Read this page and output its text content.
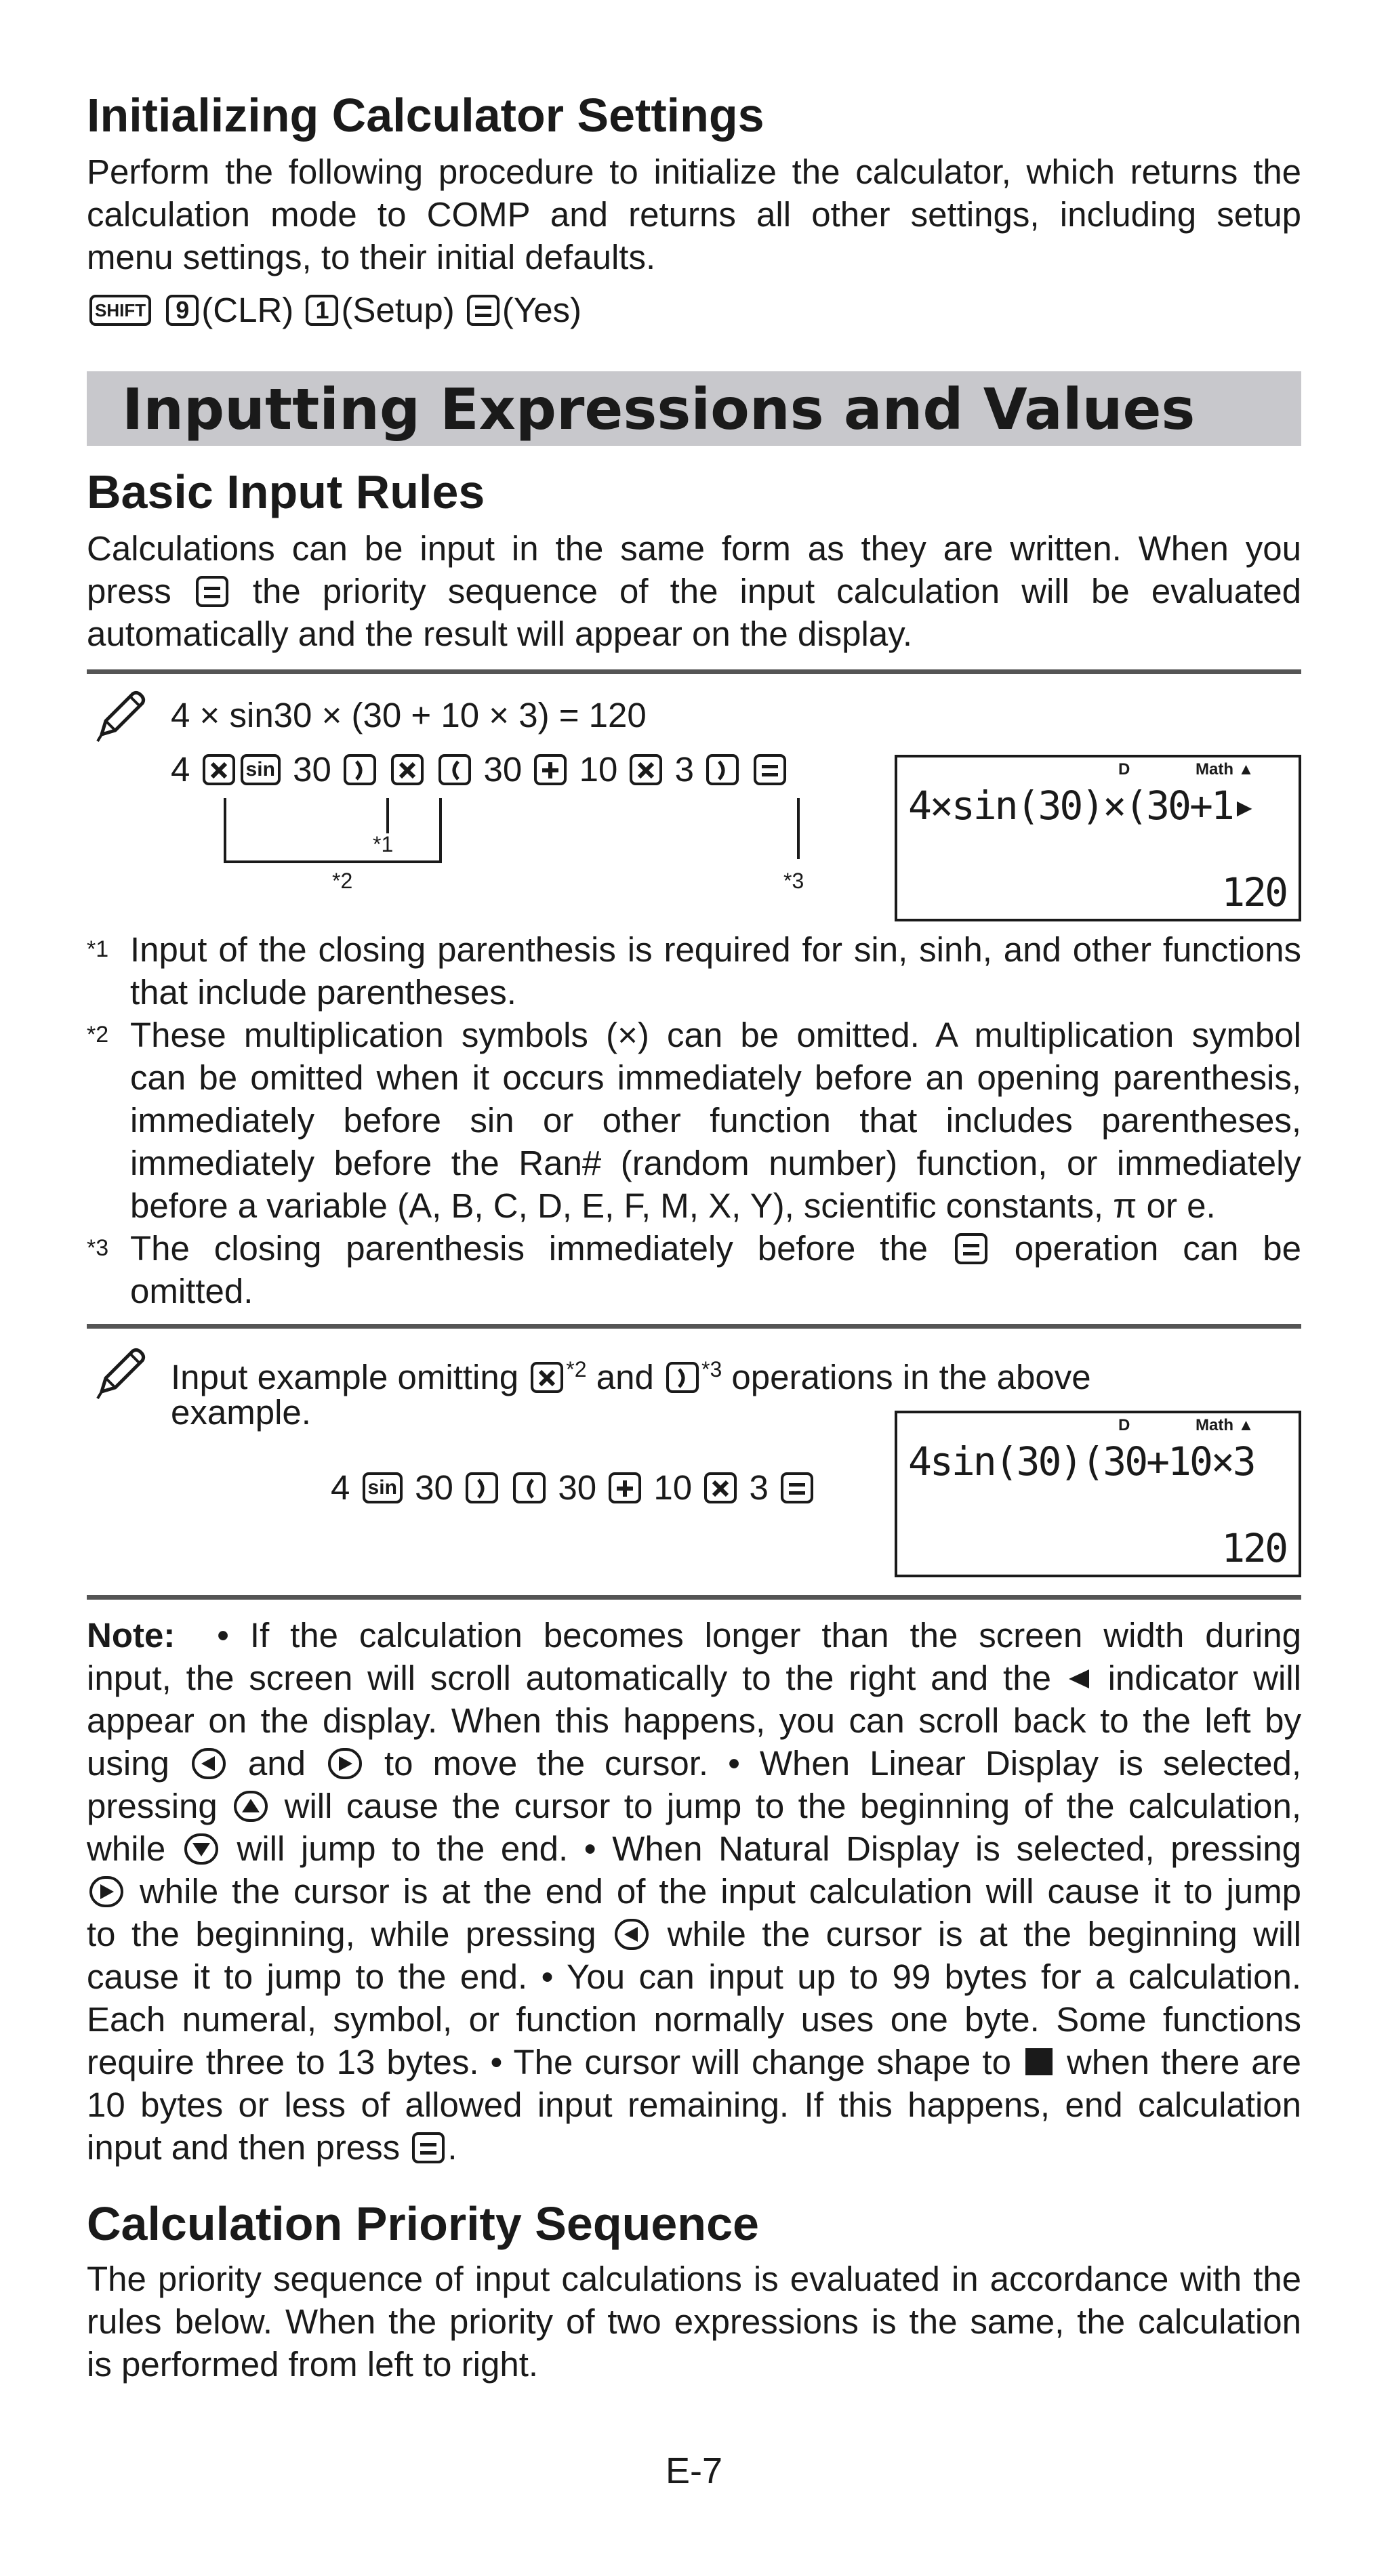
Initializing Calculator Settings
Perform the following procedure to initialize the calculator, which returns the
calculation mode to COMP and returns all other settings, including setup
menu settings, to their initial defaults.
SHIFT 9 (CLR) 1 (Setup) (Yes)
Inputting Expressions and Values
Basic Input Rules
Calculations can be input in the same form as they are written. When you
press the priority sequence of the input calculation will be evaluated
automatically and the result will appear on the display.
4 × sin30 × (30 + 10 × 3) = 120
4	sin 30

	30 10 3

*1
*2	*3
D	Math ▲
4×sin(30)×(30+1▸
120
*1 Input of the closing parenthesis is required for sin, sinh, and other functions
that include parentheses.
*2 These multiplication symbols (×) can be omitted. A multiplication symbol
can be omitted when it occurs immediately before an opening parenthesis,
immediately before sin or other function that includes parentheses,
immediately before the Ran# (random number) function, or immediately
before a variable (A, B, C, D, E, F, M, X, Y), scientific constants, π or e.
*3 The closing parenthesis immediately before the	operation can be
omitted.
Input example omitting $^{*2}$ and $^{*3}$ operations in the above
example.
4 sin 30
	30 10 3
D	Math ▲
4sin(30)(30+10×3
120
Note: • If the calculation becomes longer than the screen width during
input, the screen will scroll automatically to the right and the indicator will
appear on the display. When this happens, you can scroll back to the left by
using and to move the cursor. • When Linear Display is selected,
pressing will cause the cursor to jump to the beginning of the calculation,
while will jump to the end. • When Natural Display is selected, pressing
while the cursor is at the end of the input calculation will cause it to jump
to the beginning, while pressing while the cursor is at the beginning will
cause it to jump to the end. • You can input up to 99 bytes for a calculation.
Each numeral, symbol, or function normally uses one byte. Some functions
require three to 13 bytes. • The cursor will change shape to when there are
10 bytes or less of allowed input remaining. If this happens, end calculation
input and then press .
Calculation Priority Sequence
The priority sequence of input calculations is evaluated in accordance with the
rules below. When the priority of two expressions is the same, the calculation
is performed from left to right.
E-7
